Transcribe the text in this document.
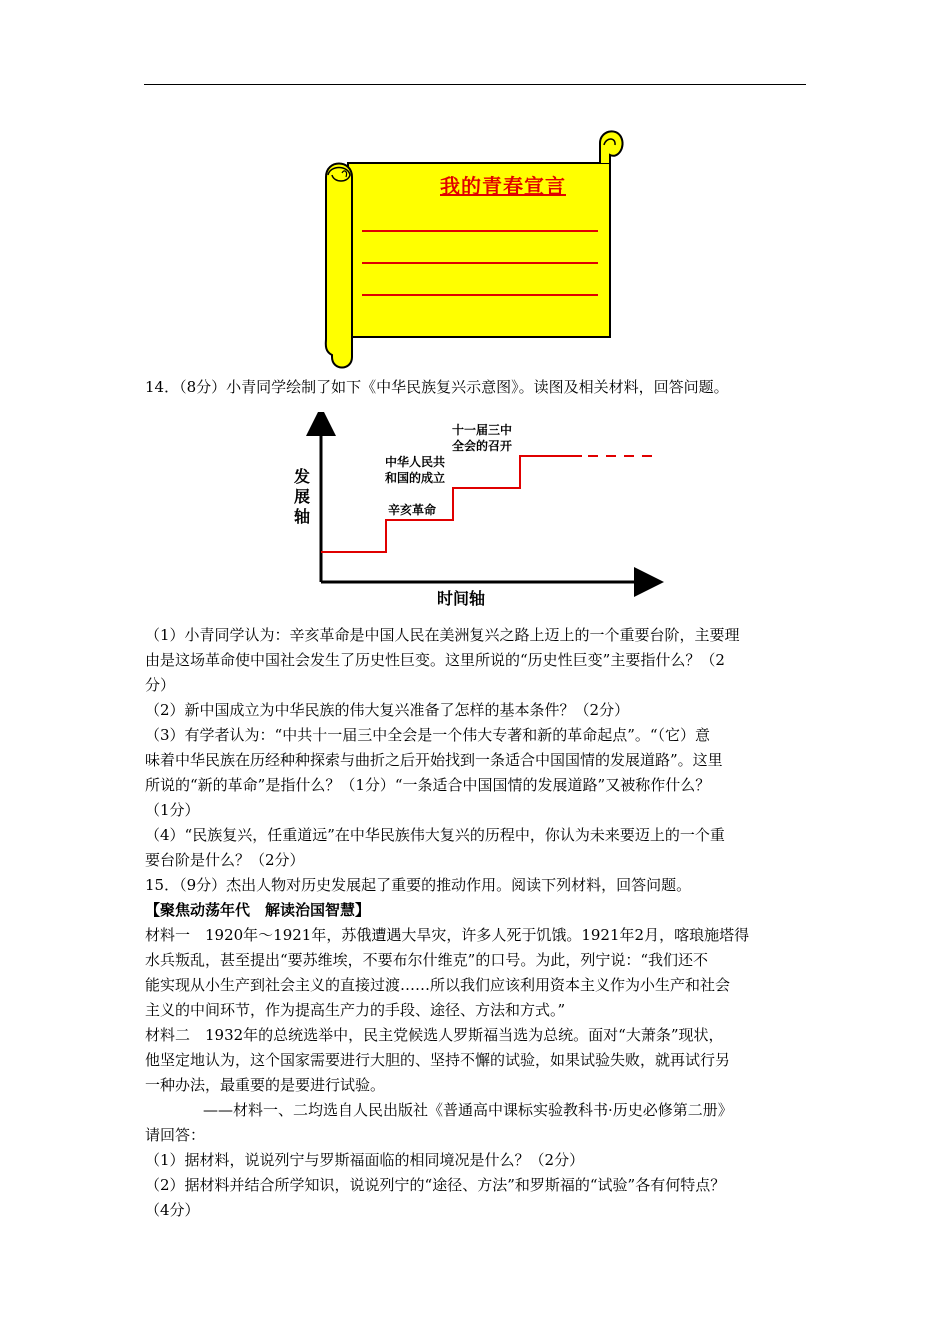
我的青春宣言
14．（8分）小青同学绘制了如下《中华民族复兴示意图》。读图及相关材料，回答问题。
辛亥革命
中华人民共
和国的成立
十一届三中
全会的召开
发
展
轴
时间轴
（1）小青同学认为：辛亥革命是中国人民在美洲复兴之路上迈上的一个重要台阶，主要理
由是这场革命使中国社会发生了历史性巨变。这里所说的“历史性巨变”主要指什么？（2
分）
（2）新中国成立为中华民族的伟大复兴准备了怎样的基本条件？（2分）
（3）有学者认为：“中共十一届三中全会是一个伟大专著和新的革命起点”。“（它）意
味着中华民族在历经种种探索与曲折之后开始找到一条适合中国国情的发展道路”。这里
所说的“新的革命”是指什么？（1分）“一条适合中国国情的发展道路”又被称作什么？
（1分）
（4）“民族复兴，任重道远”在中华民族伟大复兴的历程中，你认为未来要迈上的一个重
要台阶是什么？（2分）
15．（9分）杰出人物对历史发展起了重要的推动作用。阅读下列材料，回答问题。
【聚焦动荡年代　解读治国智慧】
材料一　1920年～1921年，苏俄遭遇大旱灾，许多人死于饥饿。1921年2月，喀琅施塔得
水兵叛乱，甚至提出“要苏维埃，不要布尔什维克”的口号。为此，列宁说：“我们还不
能实现从小生产到社会主义的直接过渡……所以我们应该利用资本主义作为小生产和社会
主义的中间环节，作为提高生产力的手段、途径、方法和方式。”
材料二　1932年的总统选举中，民主党候选人罗斯福当选为总统。面对“大萧条”现状，
他坚定地认为，这个国家需要进行大胆的、坚持不懈的试验，如果试验失败，就再试行另
一种办法，最重要的是要进行试验。
——材料一、二均选自人民出版社《普通高中课标实验教科书·历史必修第二册》
请回答：
（1）据材料，说说列宁与罗斯福面临的相同境况是什么？（2分）
（2）据材料并结合所学知识，说说列宁的“途径、方法”和罗斯福的“试验”各有何特点？
（4分）
